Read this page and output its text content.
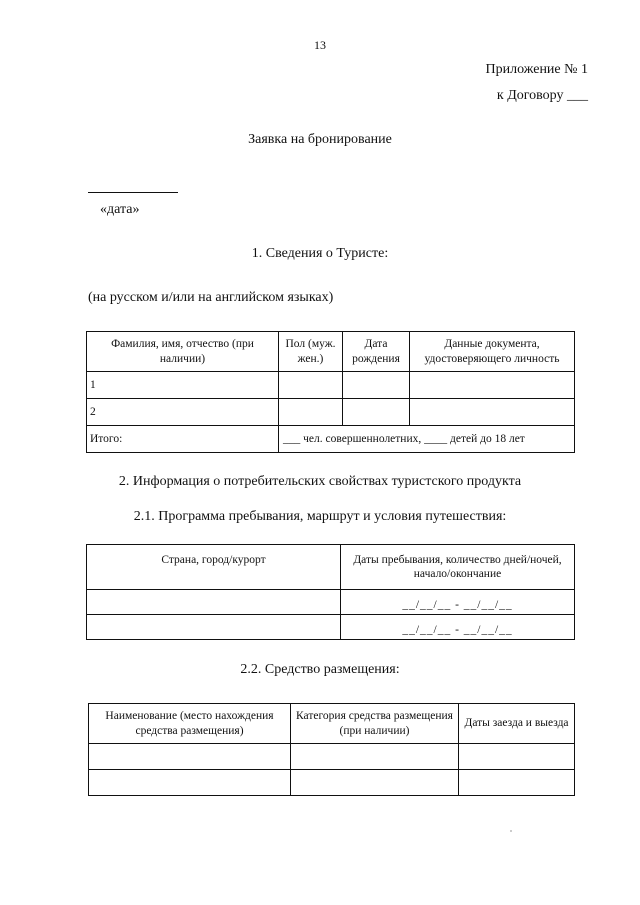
13
Приложение № 1
к Договору ___
Заявка на бронирование
«дата»
1. Сведения о Туристе:
(на русском и/или на английском языках)
Фамилия, имя, отчество (при наличии)	Пол (муж. жен.)	Дата рождения	Данные документа, удостоверяющего личность
1			
2			
Итого:	___ чел. совершеннолетних, ____ детей до 18 лет		
2. Информация о потребительских свойствах туристского продукта
2.1. Программа пребывания, маршрут и условия путешествия:
Страна, город/курорт	Даты пребывания, количество дней/ночей, начало/окончание
	__/__/__ - __/__/__
	__/__/__ - __/__/__
2.2. Средство размещения:
Наименование (место нахождения средства размещения)	Категория средства размещения (при наличии)	Даты заезда и выезда
